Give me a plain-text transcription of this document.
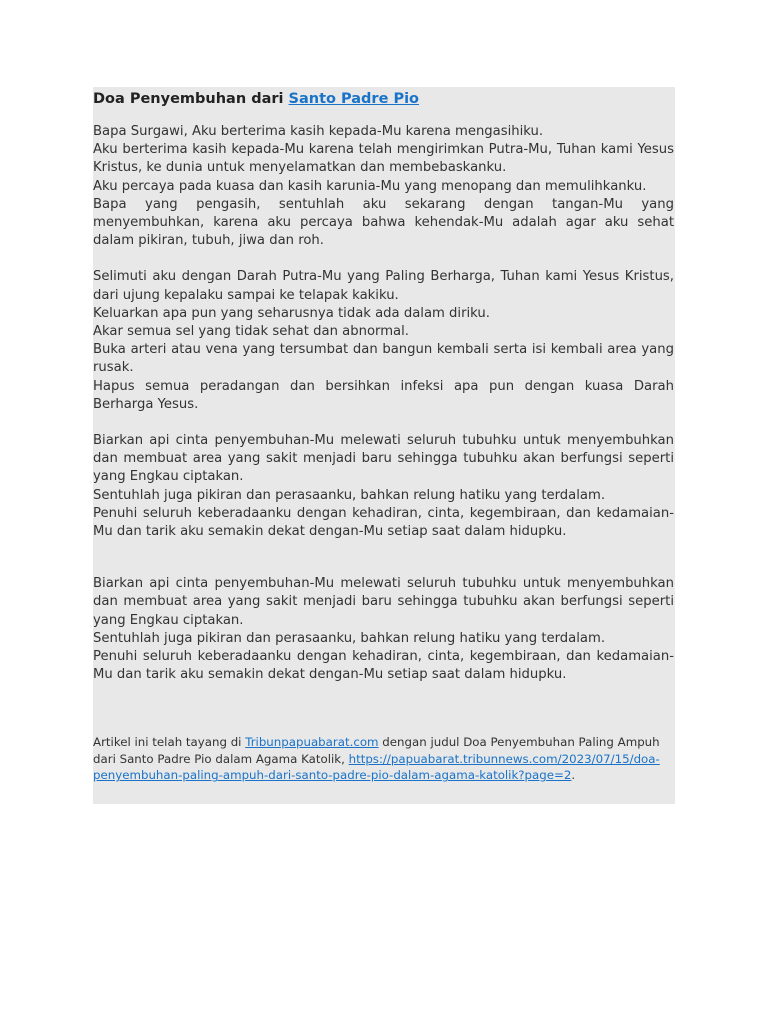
Doa Penyembuhan dari Santo Padre Pio

Bapa Surgawi, Aku berterima kasih kepada-Mu karena mengasihiku.

Aku berterima kasih kepada-Mu karena telah mengirimkan Putra-Mu, Tuhan kami Yesus Kristus, ke dunia untuk menyelamatkan dan membebaskanku.

Aku percaya pada kuasa dan kasih karunia-Mu yang menopang dan memulihkanku.

Bapa yang pengasih, sentuhlah aku sekarang dengan tangan-Mu yang menyembuhkan, karena aku percaya bahwa kehendak-Mu adalah agar aku sehat dalam pikiran, tubuh, jiwa dan roh.

Selimuti aku dengan Darah Putra-Mu yang Paling Berharga, Tuhan kami Yesus Kristus, dari ujung kepalaku sampai ke telapak kakiku.

Keluarkan apa pun yang seharusnya tidak ada dalam diriku.

Akar semua sel yang tidak sehat dan abnormal.

Buka arteri atau vena yang tersumbat dan bangun kembali serta isi kembali area yang rusak.

Hapus semua peradangan dan bersihkan infeksi apa pun dengan kuasa Darah Berharga Yesus.

Biarkan api cinta penyembuhan-Mu melewati seluruh tubuhku untuk menyembuhkan dan membuat area yang sakit menjadi baru sehingga tubuhku akan berfungsi seperti yang Engkau ciptakan.

Sentuhlah juga pikiran dan perasaanku, bahkan relung hatiku yang terdalam.

Penuhi seluruh keberadaanku dengan kehadiran, cinta, kegembiraan, dan kedamaian-Mu dan tarik aku semakin dekat dengan-Mu setiap saat dalam hidupku.

Biarkan api cinta penyembuhan-Mu melewati seluruh tubuhku untuk menyembuhkan dan membuat area yang sakit menjadi baru sehingga tubuhku akan berfungsi seperti yang Engkau ciptakan.

Sentuhlah juga pikiran dan perasaanku, bahkan relung hatiku yang terdalam.

Penuhi seluruh keberadaanku dengan kehadiran, cinta, kegembiraan, dan kedamaian-Mu dan tarik aku semakin dekat dengan-Mu setiap saat dalam hidupku.

Artikel ini telah tayang di Tribunpapuabarat.com dengan judul Doa Penyembuhan Paling Ampuh dari Santo Padre Pio dalam Agama Katolik, https://papuabarat.tribunnews.com/2023/07/15/doa-penyembuhan-paling-ampuh-dari-santo-padre-pio-dalam-agama-katolik?page=2.
